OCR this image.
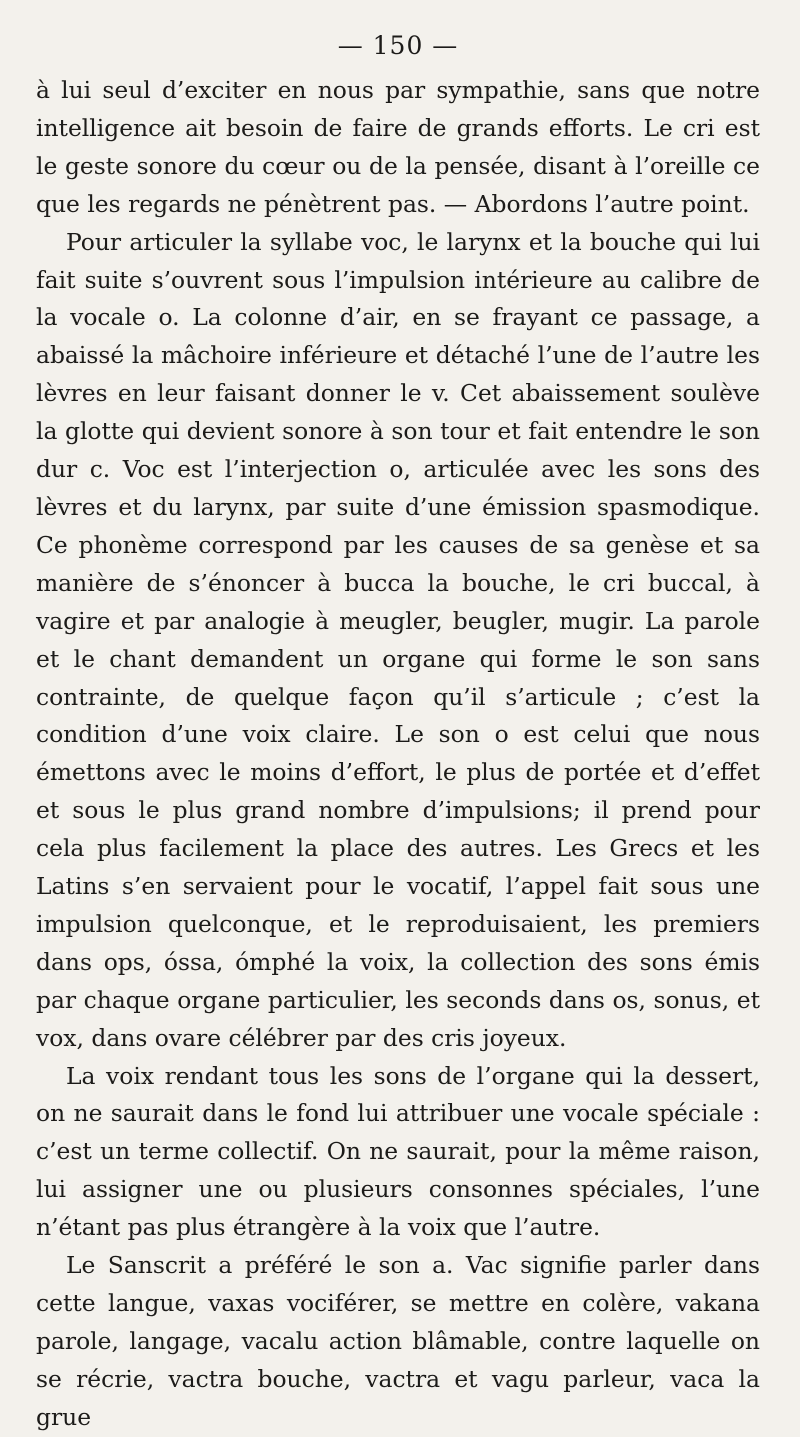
— 150 —

à lui seul d’exciter en nous par sympathie, sans que notre intelligence ait besoin de faire de grands efforts. Le cri est le geste sonore du cœur ou de la pensée, disant à l’oreille ce que les regards ne pénètrent pas. — Abordons l’autre point.

Pour articuler la syllabe voc, le larynx et la bouche qui lui fait suite s’ouvrent sous l’impulsion intérieure au calibre de la vocale o. La colonne d’air, en se frayant ce passage, a abaissé la mâchoire inférieure et détaché l’une de l’autre les lèvres en leur faisant donner le v. Cet abaissement soulève la glotte qui devient sonore à son tour et fait entendre le son dur c. Voc est l’interjection o, articulée avec les sons des lèvres et du larynx, par suite d’une émission spasmodique. Ce phonème correspond par les causes de sa genèse et sa manière de s’énoncer à bucca la bouche, le cri buccal, à vagire et par analogie à meugler, beugler, mugir. La parole et le chant demandent un organe qui forme le son sans contrainte, de quelque façon qu’il s’articule ; c’est la condition d’une voix claire. Le son o est celui que nous émettons avec le moins d’effort, le plus de portée et d’effet et sous le plus grand nombre d’impulsions; il prend pour cela plus facilement la place des autres. Les Grecs et les Latins s’en servaient pour le vocatif, l’appel fait sous une impulsion quelconque, et le reproduisaient, les premiers dans ops, óssa, ómphé la voix, la collection des sons émis par chaque organe particulier, les seconds dans os, sonus, et vox, dans ovare célébrer par des cris joyeux.

La voix rendant tous les sons de l’organe qui la dessert, on ne saurait dans le fond lui attribuer une vocale spéciale : c’est un terme collectif. On ne saurait, pour la même raison, lui assigner une ou plusieurs consonnes spéciales, l’une n’étant pas plus étrangère à la voix que l’autre.

Le Sanscrit a préféré le son a. Vac signifie parler dans cette langue, vaxas vociférer, se mettre en colère, vakana parole, langage, vacalu action blâmable, contre laquelle on se récrie, vactra bouche, vactra et vagu parleur, vaca la grue
